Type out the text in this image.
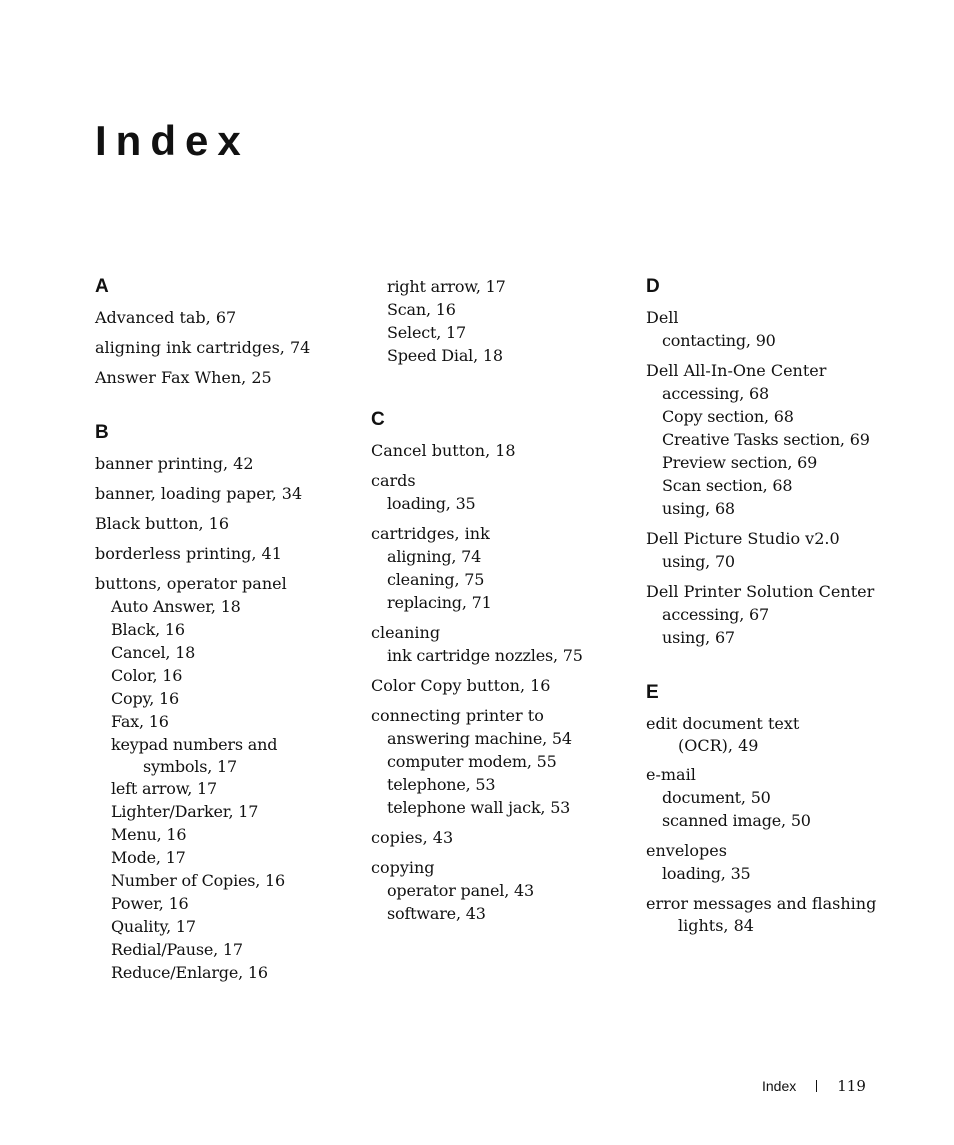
Index
A
Advanced tab, 67
aligning ink cartridges, 74
Answer Fax When, 25
B
banner printing, 42
banner, loading paper, 34
Black button, 16
borderless printing, 41
buttons, operator panel
Auto Answer, 18
Black, 16
Cancel, 18
Color, 16
Copy, 16
Fax, 16
keypad numbers and
symbols, 17
left arrow, 17
Lighter/Darker, 17
Menu, 16
Mode, 17
Number of Copies, 16
Power, 16
Quality, 17
Redial/Pause, 17
Reduce/Enlarge, 16
right arrow, 17
Scan, 16
Select, 17
Speed Dial, 18
C
Cancel button, 18
cards
loading, 35
cartridges, ink
aligning, 74
cleaning, 75
replacing, 71
cleaning
ink cartridge nozzles, 75
Color Copy button, 16
connecting printer to
answering machine, 54
computer modem, 55
telephone, 53
telephone wall jack, 53
copies, 43
copying
operator panel, 43
software, 43
D
Dell
contacting, 90
Dell All-In-One Center
accessing, 68
Copy section, 68
Creative Tasks section, 69
Preview section, 69
Scan section, 68
using, 68
Dell Picture Studio v2.0
using, 70
Dell Printer Solution Center
accessing, 67
using, 67
E
edit document text
(OCR), 49
e-mail
document, 50
scanned image, 50
envelopes
loading, 35
error messages and flashing
lights, 84
Index	119
